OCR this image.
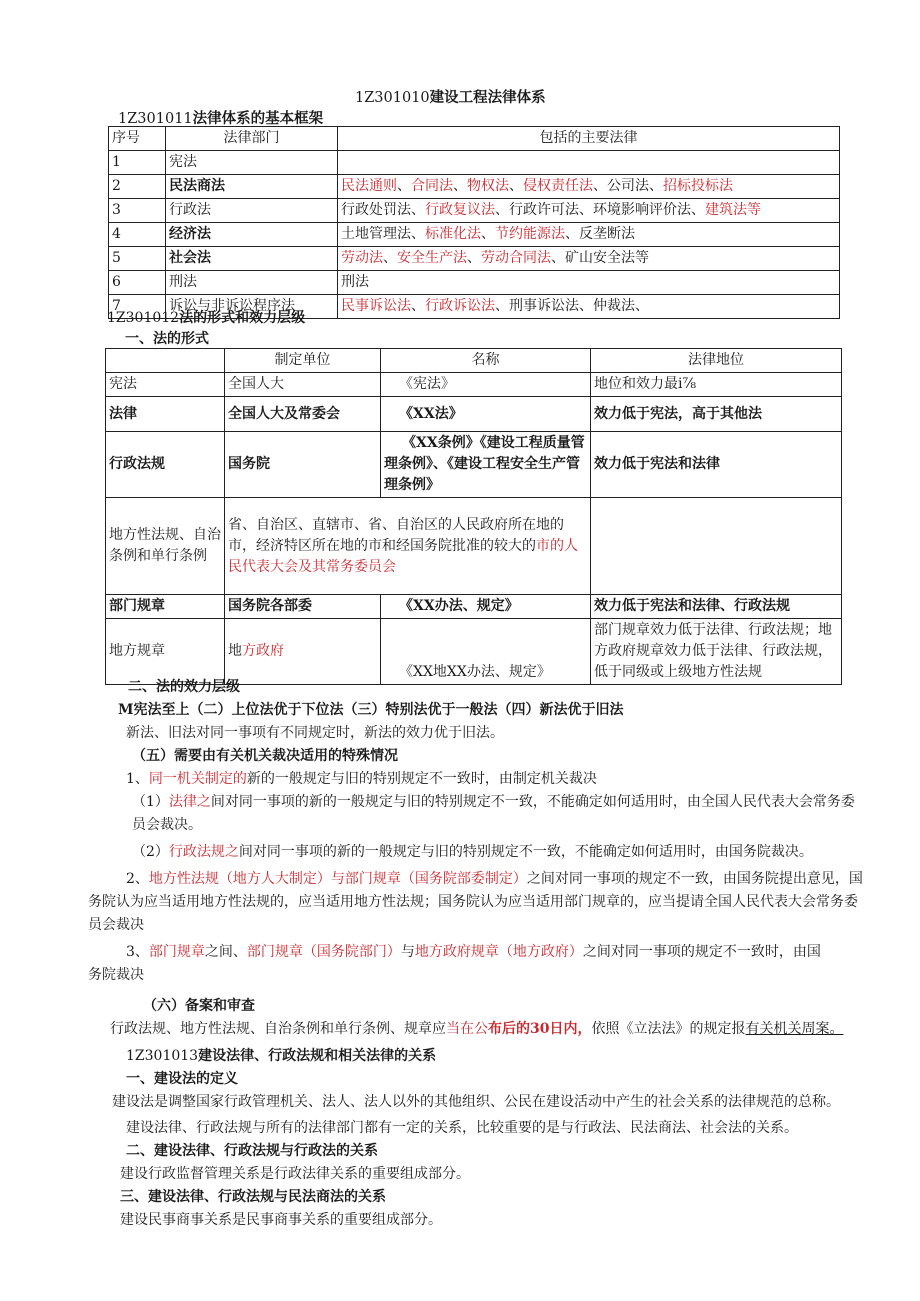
1Z301010建设工程法律体系
1Z301011法律体系的基本框架
序号	法律部门	包括的主要法律
1	宪法	
2	民法商法	民法通则、合同法、物权法、侵权责任法、公司法、招标投标法
3	行政法	行政处罚法、行政复议法、行政许可法、环境影响评价法、建筑法等
4	经济法	土地管理法、标准化法、节约能源法、反垄断法
5	社会法	劳动法、安全生产法、劳动合同法、矿山安全法等
6	刑法	刑法
7	诉讼与非诉讼程序法	民事诉讼法、行政诉讼法、刑事诉讼法、仲裁法、
1Z301012法的形式和效力层级
一、法的形式
	制定单位	名称	法律地位
宪法	全国人大	《宪法》	地位和效力最i⅞
法律	全国人大及常委会	《XX法》	效力低于宪法，高于其他法
行政法规	国务院	《XX条例》《建设工程质量管理条例》、《建设工程安全生产管理条例》	效力低于宪法和法律
地方性法规、自治条例和单行条例	省、自治区、直辖市、省、自治区的人民政府所在地的市，经济特区所在地的市和经国务院批准的较大的市的人民代表大会及其常务委员会		
部门规章	国务院各部委	《XX办法、规定》	效力低于宪法和法律、行政法规
地方规章	地方政府	《XX地XX办法、规定》	部门规章效力低于法律、行政法规；地方政府规章效力低于法律、行政法规，低于同级或上级地方性法规

二、法的效力层级

M宪法至上（二）上位法优于下位法（三）特别法优于一般法（四）新法优于旧法

新法、旧法对同一事项有不同规定时，新法的效力优于旧法。

（五）需要由有关机关裁决适用的特殊情况

1、同一机关制定的新的一般规定与旧的特别规定不一致时，由制定机关裁决

（1）法律之间对同一事项的新的一般规定与旧的特别规定不一致，不能确定如何适用时，由全国人民代表大会常务委员会裁决。

（2）行政法规之间对同一事项的新的一般规定与旧的特别规定不一致，不能确定如何适用时，由国务院裁决。

2、地方性法规（地方人大制定）与部门规章（国务院部委制定）之间对同一事项的规定不一致，由国务院提出意见，国务院认为应当适用地方性法规的，应当适用地方性法规；国务院认为应当适用部门规章的，应当提请全国人民代表大会常务委员会裁决

3、部门规章之间、部门规章（国务院部门）与地方政府规章（地方政府）之间对同一事项的规定不一致时，由国务院裁决

（六）备案和审查

行政法规、地方性法规、自治条例和单行条例、规章应当在公布后的30日内，依照《立法法》的规定报有关机关周案。

1Z301013建设法律、行政法规和相关法律的关系

一、建设法的定义

建设法是调整国家行政管理机关、法人、法人以外的其他组织、公民在建设活动中产生的社会关系的法律规范的总称。

建设法律、行政法规与所有的法律部门都有一定的关系，比较重要的是与行政法、民法商法、社会法的关系。

二、建设法律、行政法规与行政法的关系

建设行政监督管理关系是行政法律关系的重要组成部分。

三、建设法律、行政法规与民法商法的关系

建设民事商事关系是民事商事关系的重要组成部分。
